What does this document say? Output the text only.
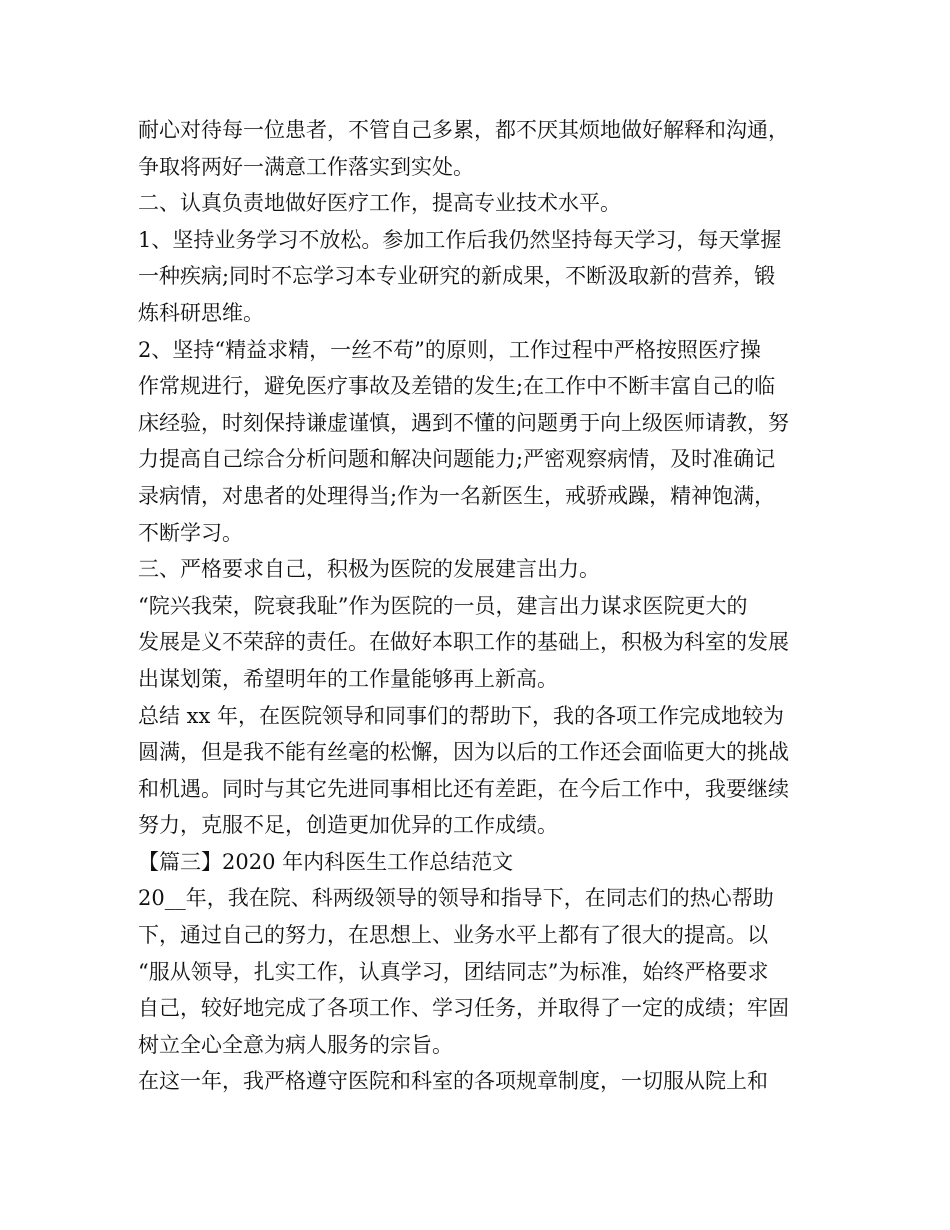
耐心对待每一位患者，不管自己多累，都不厌其烦地做好解释和沟通，
争取将两好一满意工作落实到实处。
二、认真负责地做好医疗工作，提高专业技术水平。
1、坚持业务学习不放松。参加工作后我仍然坚持每天学习，每天掌握
一种疾病;同时不忘学习本专业研究的新成果，不断汲取新的营养，锻
炼科研思维。
2、坚持“精益求精，一丝不苟”的原则，工作过程中严格按照医疗操
作常规进行，避免医疗事故及差错的发生;在工作中不断丰富自己的临
床经验，时刻保持谦虚谨慎，遇到不懂的问题勇于向上级医师请教，努
力提高自己综合分析问题和解决问题能力;严密观察病情，及时准确记
录病情，对患者的处理得当;作为一名新医生，戒骄戒躁，精神饱满，
不断学习。
三、严格要求自己，积极为医院的发展建言出力。
“院兴我荣，院衰我耻”作为医院的一员，建言出力谋求医院更大的
发展是义不荣辞的责任。在做好本职工作的基础上，积极为科室的发展
出谋划策，希望明年的工作量能够再上新高。
总结 xx 年，在医院领导和同事们的帮助下，我的各项工作完成地较为
圆满，但是我不能有丝毫的松懈，因为以后的工作还会面临更大的挑战
和机遇。同时与其它先进同事相比还有差距，在今后工作中，我要继续
努力，克服不足，创造更加优异的工作成绩。
【篇三】2020 年内科医生工作总结范文
20__年，我在院、科两级领导的领导和指导下，在同志们的热心帮助
下，通过自己的努力，在思想上、业务水平上都有了很大的提高。以
“服从领导，扎实工作，认真学习，团结同志”为标准，始终严格要求
自己，较好地完成了各项工作、学习任务，并取得了一定的成绩；牢固
树立全心全意为病人服务的宗旨。
在这一年，我严格遵守医院和科室的各项规章制度，一切服从院上和
